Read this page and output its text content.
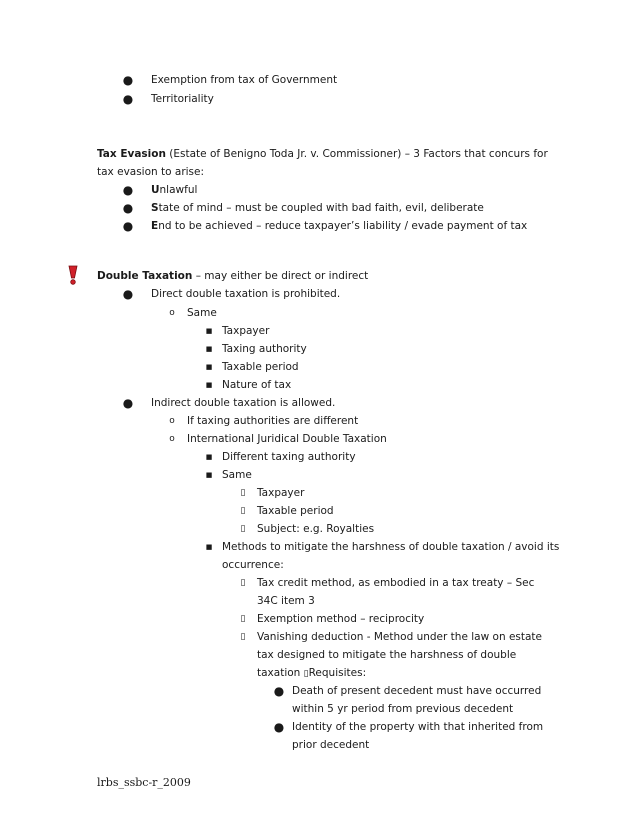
● Exemption from tax of Government
● Territoriality
Tax Evasion (Estate of Benigno Toda Jr. v. Commissioner) – 3 Factors that concurs for
tax evasion to arise:
● Unlawful
● State of mind – must be coupled with bad faith, evil, deliberate
● End to be achieved – reduce taxpayer’s liability / evade payment of tax
Double Taxation – may either be direct or indirect
● Direct double taxation is prohibited.
o	Same
■ Taxpayer
■ Taxing authority
■ Taxable period
■ Nature of tax
● Indirect double taxation is allowed.
o	If taxing authorities are different
o	International Juridical Double Taxation
■ Different taxing authority
■ Same
▯	Taxpayer
▯	Taxable period
▯	Subject: e.g. Royalties
■ Methods to mitigate the harshness of double taxation / avoid its
occurrence:
▯	Tax credit method, as embodied in a tax treaty – Sec
34C item 3
▯	Exemption method – reciprocity
▯	Vanishing deduction - Method under the law on estate
tax designed to mitigate the harshness of double
taxation ▯Requisites:
● Death of present decedent must have occurred
within 5 yr period from previous decedent
● Identity of the property with that inherited from
prior decedent
lrbs_ssbc-r_2009
